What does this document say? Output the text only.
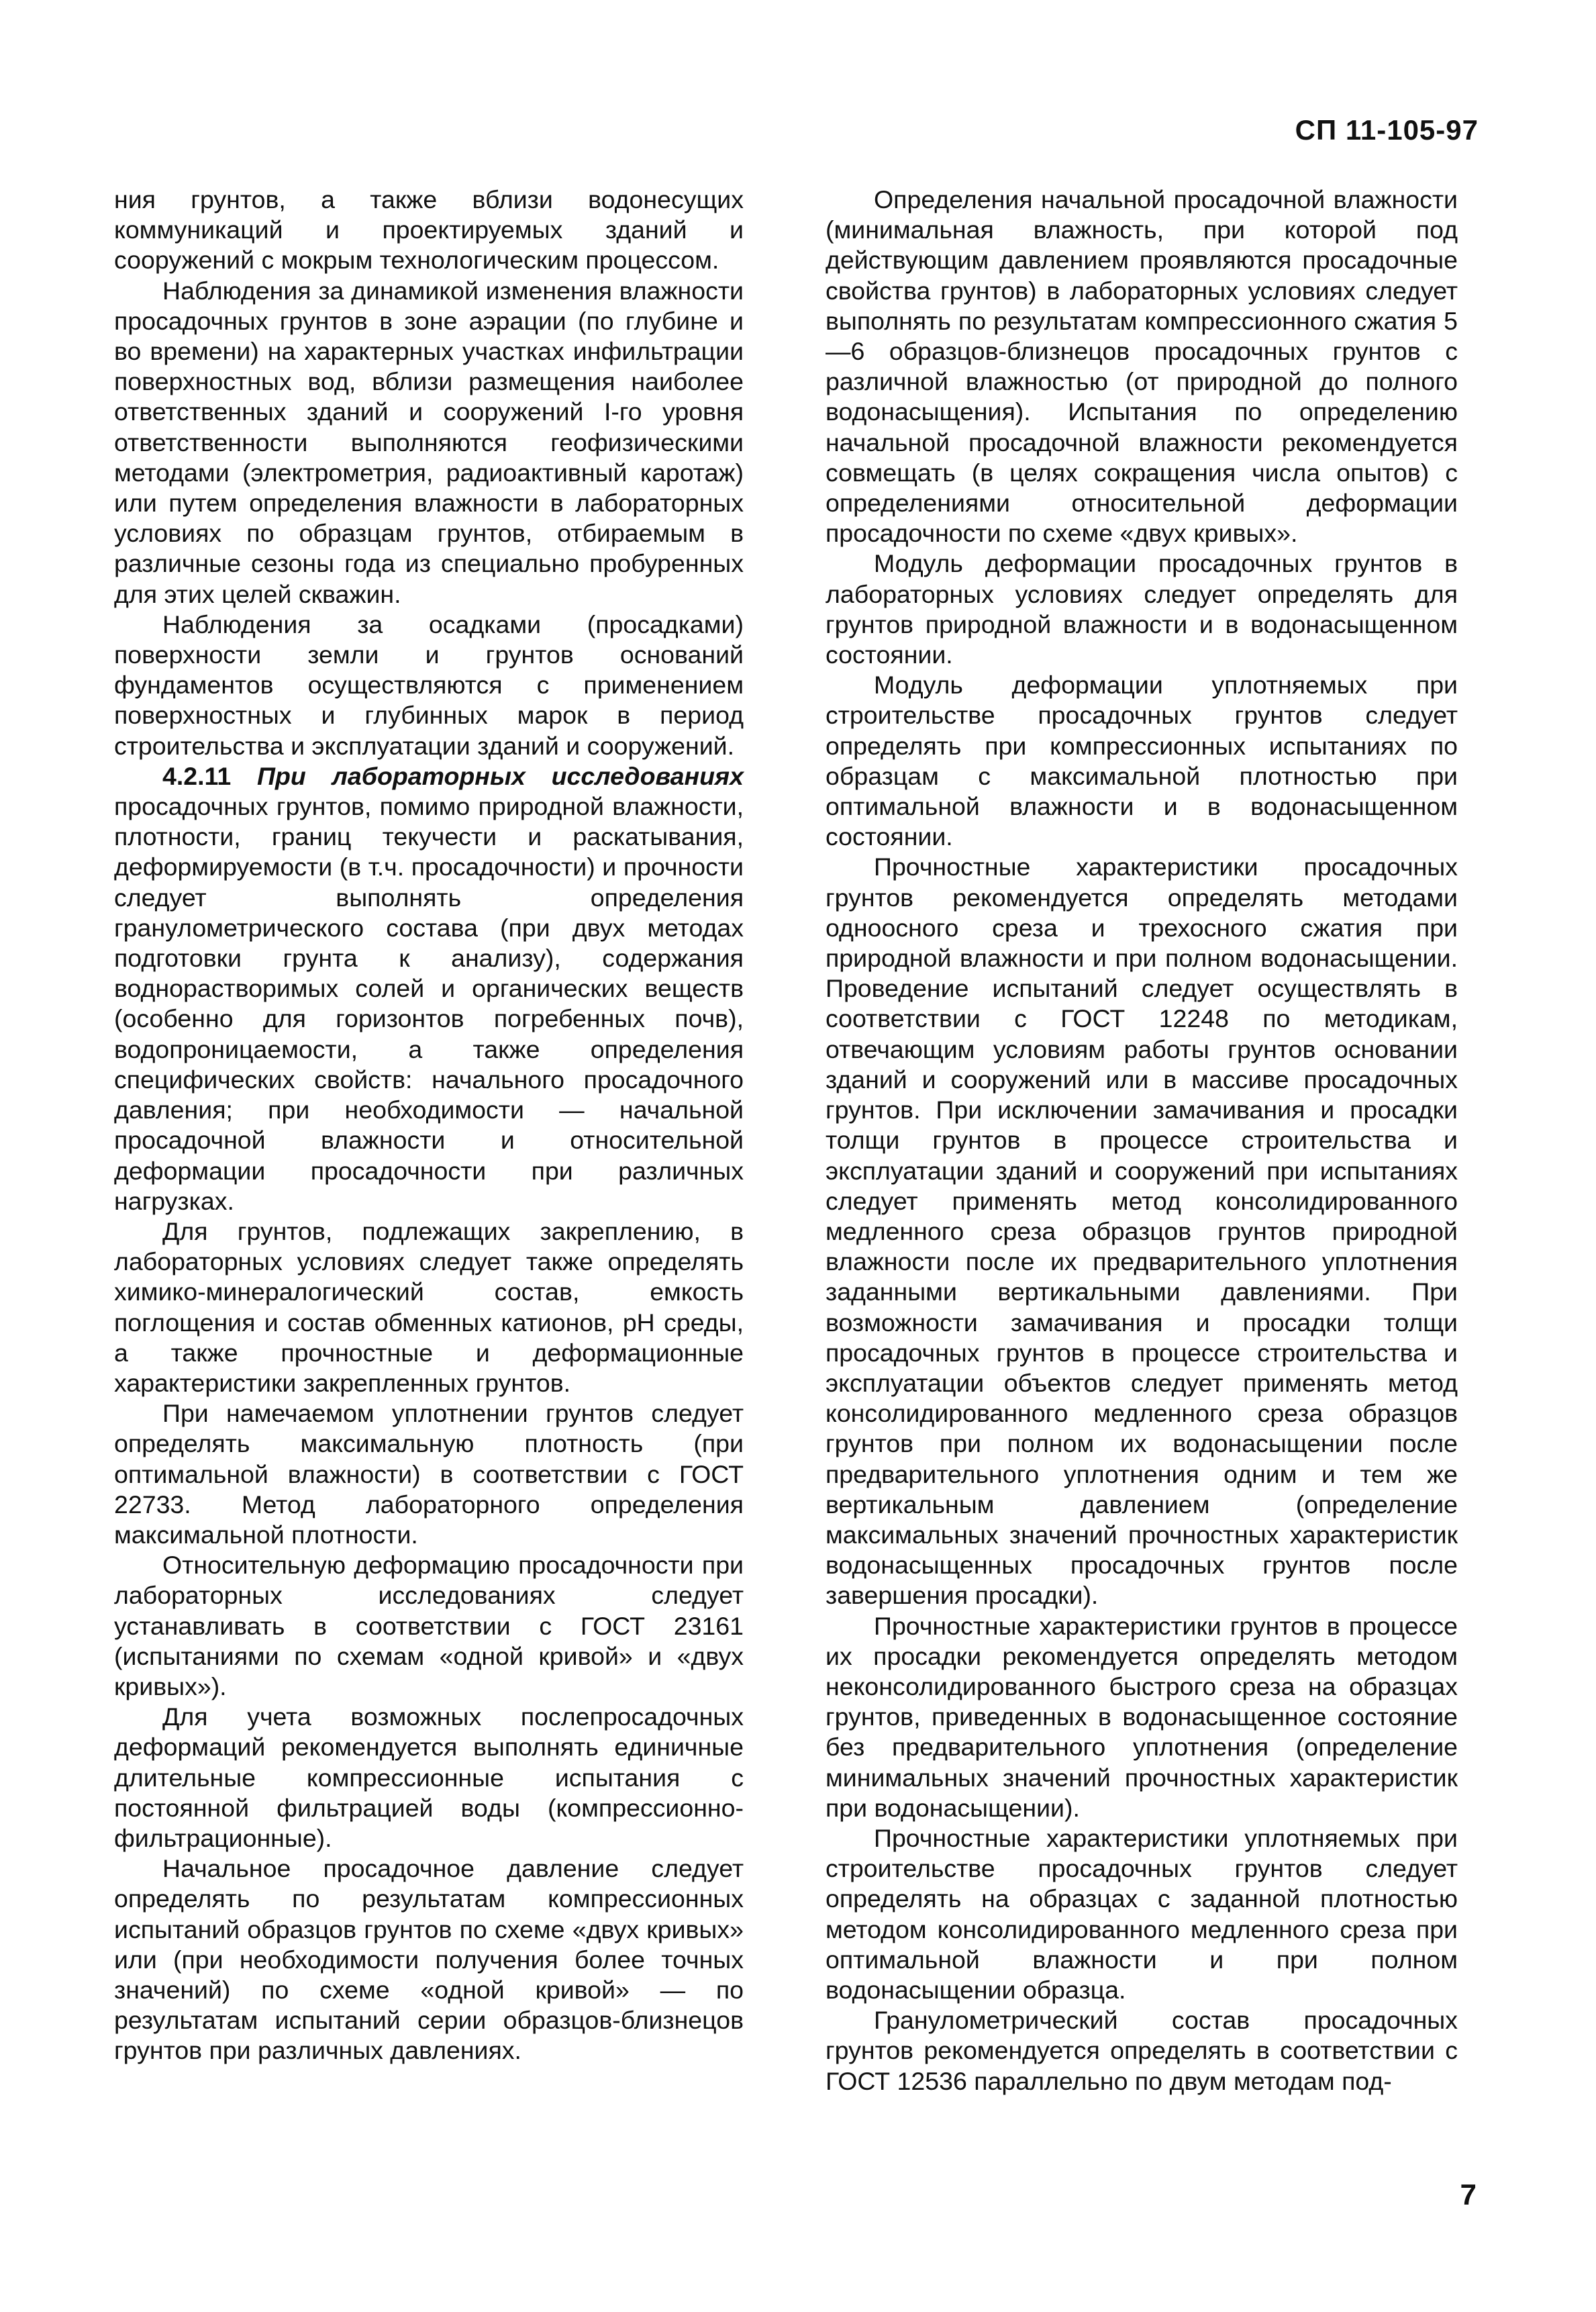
СП 11-105-97

ния грунтов, а также вблизи водонесущих коммуникаций и проектируемых зданий и сооружений с мокрым технологическим процессом.

Наблюдения за динамикой изменения влажности просадочных грунтов в зоне аэрации (по глубине и во времени) на характерных участках инфильтрации поверхностных вод, вблизи размещения наиболее ответственных зданий и сооружений I-го уровня ответственности выполняются геофизическими методами (электрометрия, радиоактивный каротаж) или путем определения влажности в лабораторных условиях по образцам грунтов, отбираемым в различные сезоны года из специально пробуренных для этих целей скважин.

Наблюдения за осадками (просадками) поверхности земли и грунтов оснований фундаментов осуществляются с применением поверхностных и глубинных марок в период строительства и эксплуатации зданий и сооружений.

4.2.11 При лабораторных исследованиях просадочных грунтов, помимо природной влажности, плотности, границ текучести и раскатывания, деформируемости (в т.ч. просадочности) и прочности следует выполнять определения гранулометрического состава (при двух методах подготовки грунта к анализу), содержания воднорастворимых солей и органических веществ (особенно для горизонтов погребенных почв), водопроницаемости, а также определения специфических свойств: начального просадочного давления; при необходимости — начальной просадочной влажности и относительной деформации просадочности при различных нагрузках.

Для грунтов, подлежащих закреплению, в лабораторных условиях следует также определять химико-минералогический состав, емкость поглощения и состав обменных катионов, pH среды, а также прочностные и деформационные характеристики закрепленных грунтов.

При намечаемом уплотнении грунтов следует определять максимальную плотность (при оптимальной влажности) в соответствии с ГОСТ 22733. Метод лабораторного определения максимальной плотности.

Относительную деформацию просадочности при лабораторных исследованиях следует устанавливать в соответствии с ГОСТ 23161 (испытаниями по схемам «одной кривой» и «двух кривых»).

Для учета возможных послепросадочных деформаций рекомендуется выполнять единичные длительные компрессионные испытания с постоянной фильтрацией воды (компрессионно-фильтрационные).

Начальное просадочное давление следует определять по результатам компрессионных испытаний образцов грунтов по схеме «двух кривых» или (при необходимости получения более точных значений) по схеме «одной кривой» — по результатам испытаний серии образцов-близнецов грунтов при различных давлениях.

Определения начальной просадочной влажности (минимальная влажность, при которой под действующим давлением проявляются просадочные свойства грунтов) в лабораторных условиях следует выполнять по результатам компрессионного сжатия 5—6 образцов-близнецов просадочных грунтов с различной влажностью (от природной до полного водонасыщения). Испытания по определению начальной просадочной влажности рекомендуется совмещать (в целях сокращения числа опытов) с определениями относительной деформации просадочности по схеме «двух кривых».

Модуль деформации просадочных грунтов в лабораторных условиях следует определять для грунтов природной влажности и в водонасыщенном состоянии.

Модуль деформации уплотняемых при строительстве просадочных грунтов следует определять при компрессионных испытаниях по образцам с максимальной плотностью при оптимальной влажности и в водонасыщенном состоянии.

Прочностные характеристики просадочных грунтов рекомендуется определять методами одноосного среза и трехосного сжатия при природной влажности и при полном водонасыщении. Проведение испытаний следует осуществлять в соответствии с ГОСТ 12248 по методикам, отвечающим условиям работы грунтов основании зданий и сооружений или в массиве просадочных грунтов. При исключении замачивания и просадки толщи грунтов в процессе строительства и эксплуатации зданий и сооружений при испытаниях следует применять метод консолидированного медленного среза образцов грунтов природной влажности после их предварительного уплотнения заданными вертикальными давлениями. При возможности замачивания и просадки толщи просадочных грунтов в процессе строительства и эксплуатации объектов следует применять метод консолидированного медленного среза образцов грунтов при полном их водонасыщении после предварительного уплотнения одним и тем же вертикальным давлением (определение максимальных значений прочностных характеристик водонасыщенных просадочных грунтов после завершения просадки).

Прочностные характеристики грунтов в процессе их просадки рекомендуется определять методом неконсолидированного быстрого среза на образцах грунтов, приведенных в водонасыщенное состояние без предварительного уплотнения (определение минимальных значений прочностных характеристик при водонасыщении).

Прочностные характеристики уплотняемых при строительстве просадочных грунтов следует определять на образцах с заданной плотностью методом консолидированного медленного среза при оптимальной влажности и при полном водонасыщении образца.

Гранулометрический состав просадочных грунтов рекомендуется определять в соответствии с ГОСТ 12536 параллельно по двум методам под-

7
